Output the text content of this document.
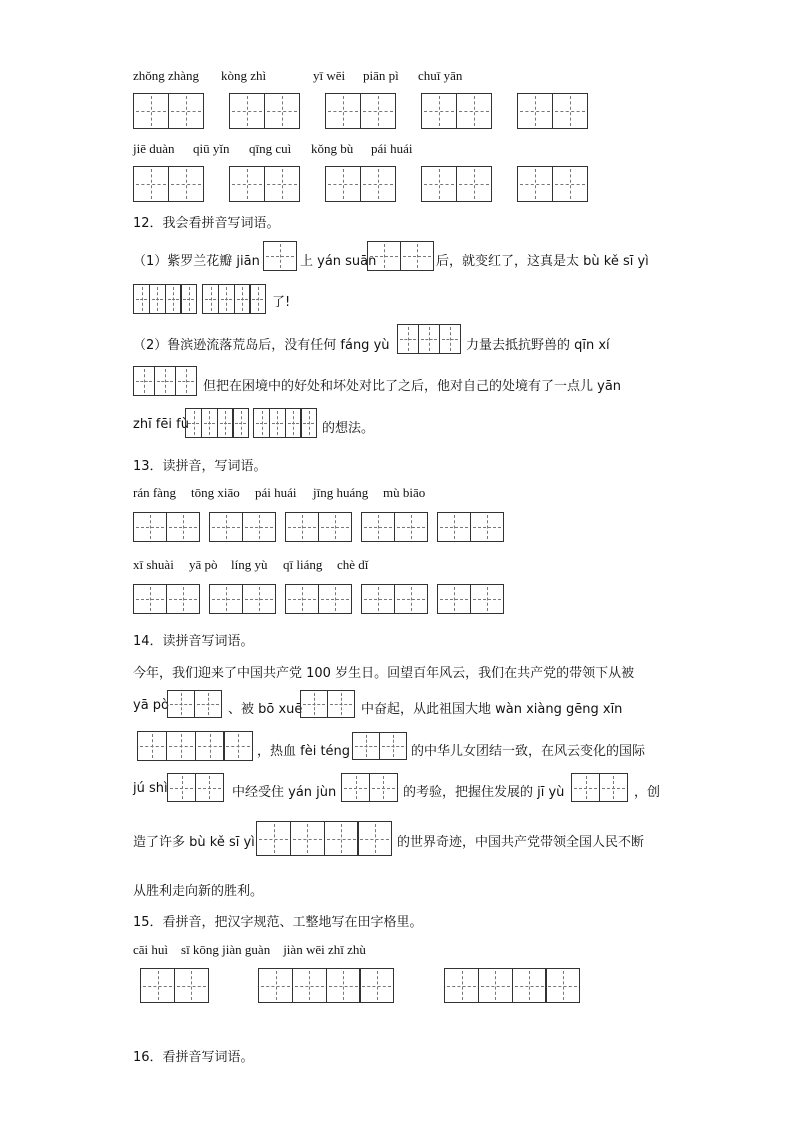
zhǒng zhàng kòng zhì	yī wēi piān pì chuī yān
jiē duàn qiū yǐn qīng cuì kǒng bù pái huái
12．我会看拼音写词语。
（1）紫罗兰花瓣 jiān	上 yán suān	后，就变红了，这真是太 bù kě sī yì
了!
（2）鲁滨逊流落荒岛后，没有任何 fáng yù	力量去抵抗野兽的 qīn xí
但把在困境中的好处和坏处对比了之后，他对自己的处境有了一点儿 yān
zhī fēi fù	的想法。
13．读拼音，写词语。
rán fàng tōng xiāo pái huái jīng huáng mù biāo
xī shuài yā pò líng yù qī liáng chè dǐ
14．读拼音写词语。
今年，我们迎来了中国共产党 100 岁生日。回望百年风云，我们在共产党的带领下从被
yā pò	、被 bō xuē	中奋起，从此祖国大地 wàn xiàng gēng xīn
，热血 fèi téng	的中华儿女团结一致，在风云变化的国际
jú shì	中经受住 yán jùn	的考验，把握住发展的 jī yù	，创
造了许多 bù kě sī yì	的世界奇迹，中国共产党带领全国人民不断
从胜利走向新的胜利。
15．看拼音，把汉字规范、工整地写在田字格里。
cāi huì    sī kōng jiàn guàn    jiàn wēi zhī zhù
16．看拼音写词语。
